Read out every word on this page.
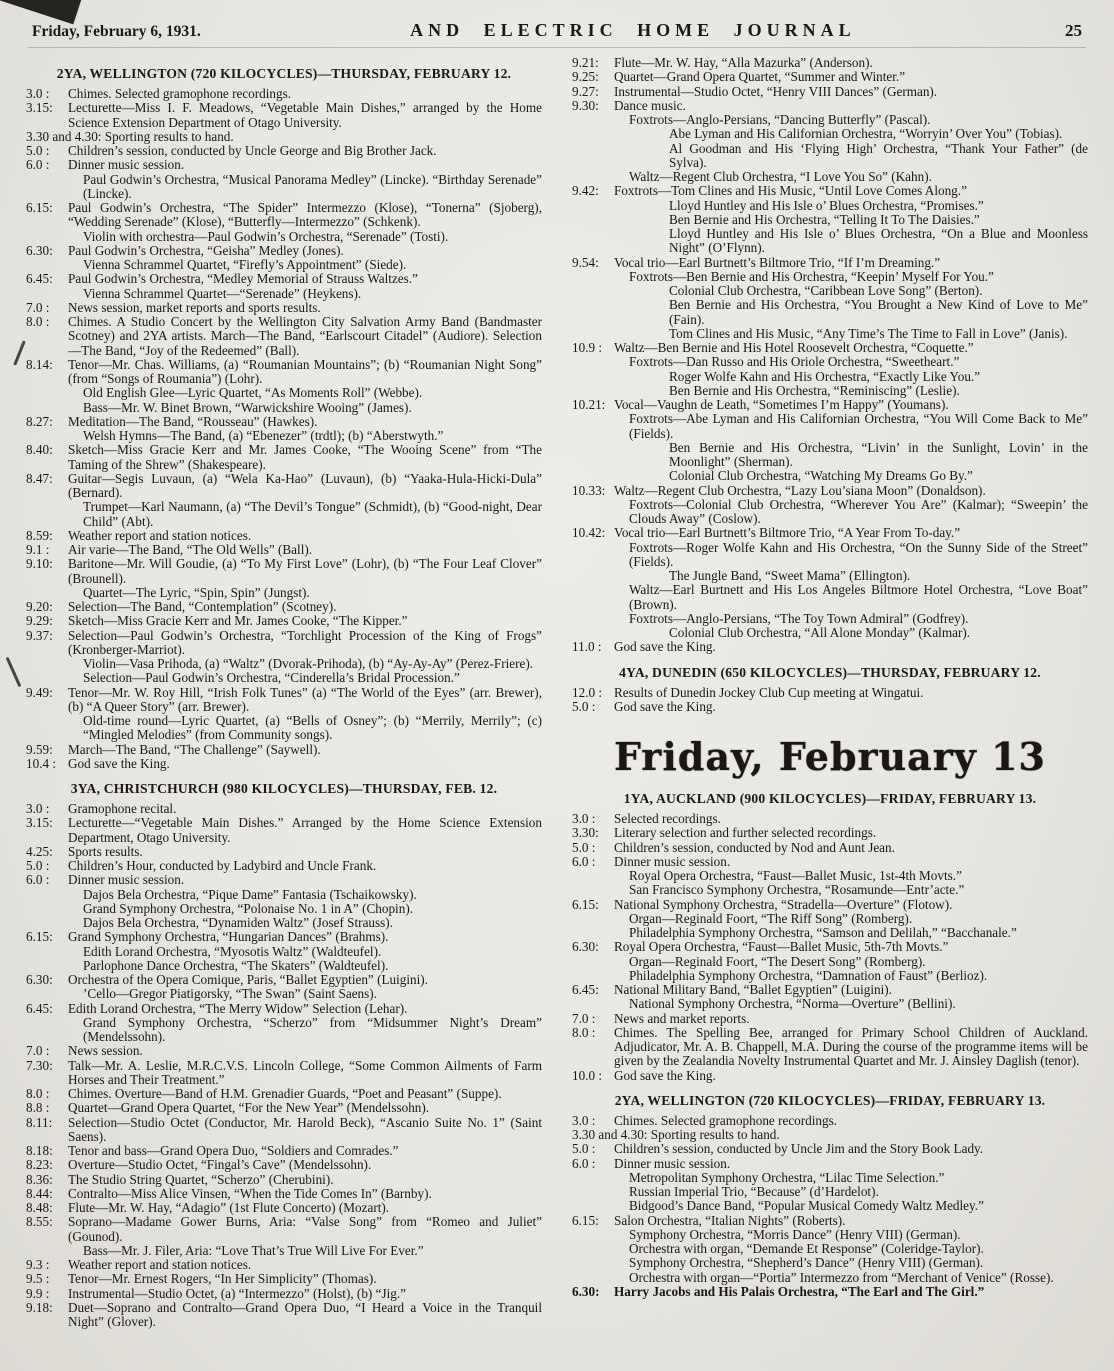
Friday, February 6, 1931.	AND ELECTRIC HOME JOURNAL	25
2YA, WELLINGTON (720 KILOCYCLES)—THURSDAY, FEBRUARY 12.
3.0 : Chimes. Selected gramophone recordings.
3.15: Lecturette—Miss I. F. Meadows, “Vegetable Main Dishes,” arranged by the Home Science Extension Department of Otago University.
3.30 and 4.30: Sporting results to hand.
5.0 : Children’s session, conducted by Uncle George and Big Brother Jack.
6.0 : Dinner music session.
Paul Godwin’s Orchestra, “Musical Panorama Medley” (Lincke). “Birthday Serenade” (Lincke).
6.15: Paul Godwin’s Orchestra, “The Spider” Intermezzo (Klose), “Tonerna” (Sjoberg), “Wedding Serenade” (Klose), “Butterfly—Intermezzo” (Schkenk).
Violin with orchestra—Paul Godwin’s Orchestra, “Serenade” (Tosti).
6.30: Paul Godwin’s Orchestra, “Geisha” Medley (Jones).
Vienna Schrammel Quartet, “Firefly’s Appointment” (Siede).
6.45: Paul Godwin’s Orchestra, “Medley Memorial of Strauss Waltzes.”
Vienna Schrammel Quartet—“Serenade” (Heykens).
7.0 : News session, market reports and sports results.
8.0 : Chimes. A Studio Concert by the Wellington City Salvation Army Band (Bandmaster Scotney) and 2YA artists. March—The Band, “Earlscourt Citadel” (Audiore). Selection—The Band, “Joy of the Redeemed” (Ball).
8.14: Tenor—Mr. Chas. Williams, (a) “Roumanian Mountains”; (b) “Roumanian Night Song” (from “Songs of Roumania”) (Lohr).
Old English Glee—Lyric Quartet, “As Moments Roll” (Webbe).
Bass—Mr. W. Binet Brown, “Warwickshire Wooing” (James).
8.27: Meditation—The Band, “Rousseau” (Hawkes).
Welsh Hymns—The Band, (a) “Ebenezer” (trdtl); (b) “Aberstwyth.”
8.40: Sketch—Miss Gracie Kerr and Mr. James Cooke, “The Wooing Scene” from “The Taming of the Shrew” (Shakespeare).
8.47: Guitar—Segis Luvaun, (a) “Wela Ka-Hao” (Luvaun), (b) “Yaaka-Hula-Hicki-Dula” (Bernard).
Trumpet—Karl Naumann, (a) “The Devil’s Tongue” (Schmidt), (b) “Good-night, Dear Child” (Abt).
8.59: Weather report and station notices.
9.1 : Air varie—The Band, “The Old Wells” (Ball).
9.10: Baritone—Mr. Will Goudie, (a) “To My First Love” (Lohr), (b) “The Four Leaf Clover” (Brounell).
Quartet—The Lyric, “Spin, Spin” (Jungst).
9.20: Selection—The Band, “Contemplation” (Scotney).
9.29: Sketch—Miss Gracie Kerr and Mr. James Cooke, “The Kipper.”
9.37: Selection—Paul Godwin’s Orchestra, “Torchlight Procession of the King of Frogs” (Kronberger-Marriot).
Violin—Vasa Prihoda, (a) “Waltz” (Dvorak-Prihoda), (b) “Ay-Ay-Ay” (Perez-Friere).
Selection—Paul Godwin’s Orchestra, “Cinderella’s Bridal Procession.”
9.49: Tenor—Mr. W. Roy Hill, “Irish Folk Tunes” (a) “The World of the Eyes” (arr. Brewer), (b) “A Queer Story” (arr. Brewer).
Old-time round—Lyric Quartet, (a) “Bells of Osney”; (b) “Merrily, Merrily”; (c) “Mingled Melodies” (from Community songs).
9.59: March—The Band, “The Challenge” (Saywell).
10.4 : God save the King.
3YA, CHRISTCHURCH (980 KILOCYCLES)—THURSDAY, FEB. 12.
3.0 : Gramophone recital.
3.15: Lecturette—“Vegetable Main Dishes.” Arranged by the Home Science Extension Department, Otago University.
4.25: Sports results.
5.0 : Children’s Hour, conducted by Ladybird and Uncle Frank.
6.0 : Dinner music session.
Dajos Bela Orchestra, “Pique Dame” Fantasia (Tschaikowsky).
Grand Symphony Orchestra, “Polonaise No. 1 in A” (Chopin).
Dajos Bela Orchestra, “Dynamiden Waltz” (Josef Strauss).
6.15: Grand Symphony Orchestra, “Hungarian Dances” (Brahms).
Edith Lorand Orchestra, “Myosotis Waltz” (Waldteufel).
Parlophone Dance Orchestra, “The Skaters” (Waldteufel).
6.30: Orchestra of the Opera Comique, Paris, “Ballet Egyptien” (Luigini).
’Cello—Gregor Piatigorsky, “The Swan” (Saint Saens).
6.45: Edith Lorand Orchestra, “The Merry Widow” Selection (Lehar).
Grand Symphony Orchestra, “Scherzo” from “Midsummer Night’s Dream” (Mendelssohn).
7.0 : News session.
7.30: Talk—Mr. A. Leslie, M.R.C.V.S. Lincoln College, “Some Common Ailments of Farm Horses and Their Treatment.”
8.0 : Chimes. Overture—Band of H.M. Grenadier Guards, “Poet and Peasant” (Suppe).
8.8 : Quartet—Grand Opera Quartet, “For the New Year” (Mendelssohn).
8.11: Selection—Studio Octet (Conductor, Mr. Harold Beck), “Ascanio Suite No. 1” (Saint Saens).
8.18: Tenor and bass—Grand Opera Duo, “Soldiers and Comrades.”
8.23: Overture—Studio Octet, “Fingal’s Cave” (Mendelssohn).
8.36: The Studio String Quartet, “Scherzo” (Cherubini).
8.44: Contralto—Miss Alice Vinsen, “When the Tide Comes In” (Barnby).
8.48: Flute—Mr. W. Hay, “Adagio” (1st Flute Concerto) (Mozart).
8.55: Soprano—Madame Gower Burns, Aria: “Valse Song” from “Romeo and Juliet” (Gounod).
Bass—Mr. J. Filer, Aria: “Love That’s True Will Live For Ever.”
9.3 : Weather report and station notices.
9.5 : Tenor—Mr. Ernest Rogers, “In Her Simplicity” (Thomas).
9.9 : Instrumental—Studio Octet, (a) “Intermezzo” (Holst), (b) “Jig.”
9.18: Duet—Soprano and Contralto—Grand Opera Duo, “I Heard a Voice in the Tranquil Night” (Glover).
9.21: Flute—Mr. W. Hay, “Alla Mazurka” (Anderson).
9.25: Quartet—Grand Opera Quartet, “Summer and Winter.”
9.27: Instrumental—Studio Octet, “Henry VIII Dances” (German).
9.30: Dance music.
Foxtrots—Anglo-Persians, “Dancing Butterfly” (Pascal).
Abe Lyman and His Californian Orchestra, “Worryin’ Over You” (Tobias).
Al Goodman and His ‘Flying High’ Orchestra, “Thank Your Father” (de Sylva).
Waltz—Regent Club Orchestra, “I Love You So” (Kahn).
9.42: Foxtrots—Tom Clines and His Music, “Until Love Comes Along.”
Lloyd Huntley and His Isle o’ Blues Orchestra, “Promises.”
Ben Bernie and His Orchestra, “Telling It To The Daisies.”
Lloyd Huntley and His Isle o’ Blues Orchestra, “On a Blue and Moonless Night” (O’Flynn).
9.54: Vocal trio—Earl Burtnett’s Biltmore Trio, “If I’m Dreaming.”
Foxtrots—Ben Bernie and His Orchestra, “Keepin’ Myself For You.”
Colonial Club Orchestra, “Caribbean Love Song” (Berton).
Ben Bernie and His Orchestra, “You Brought a New Kind of Love to Me” (Fain).
Tom Clines and His Music, “Any Time’s The Time to Fall in Love” (Janis).
10.9 : Waltz—Ben Bernie and His Hotel Roosevelt Orchestra, “Coquette.”
Foxtrots—Dan Russo and His Oriole Orchestra, “Sweetheart.”
Roger Wolfe Kahn and His Orchestra, “Exactly Like You.”
Ben Bernie and His Orchestra, “Reminiscing” (Leslie).
10.21: Vocal—Vaughn de Leath, “Sometimes I’m Happy” (Youmans).
Foxtrots—Abe Lyman and His Californian Orchestra, “You Will Come Back to Me” (Fields).
Ben Bernie and His Orchestra, “Livin’ in the Sunlight, Lovin’ in the Moonlight” (Sherman).
Colonial Club Orchestra, “Watching My Dreams Go By.”
10.33: Waltz—Regent Club Orchestra, “Lazy Lou’siana Moon” (Donaldson).
Foxtrots—Colonial Club Orchestra, “Wherever You Are” (Kalmar); “Sweepin’ the Clouds Away” (Coslow).
10.42: Vocal trio—Earl Burtnett’s Biltmore Trio, “A Year From To-day.”
Foxtrots—Roger Wolfe Kahn and His Orchestra, “On the Sunny Side of the Street” (Fields).
The Jungle Band, “Sweet Mama” (Ellington).
Waltz—Earl Burtnett and His Los Angeles Biltmore Hotel Orchestra, “Love Boat” (Brown).
Foxtrots—Anglo-Persians, “The Toy Town Admiral” (Godfrey).
Colonial Club Orchestra, “All Alone Monday” (Kalmar).
11.0 : God save the King.
4YA, DUNEDIN (650 KILOCYCLES)—THURSDAY, FEBRUARY 12.
12.0 : Results of Dunedin Jockey Club Cup meeting at Wingatui.
5.0 : God save the King.
Friday, February 13
1YA, AUCKLAND (900 KILOCYCLES)—FRIDAY, FEBRUARY 13.
3.0 : Selected recordings.
3.30: Literary selection and further selected recordings.
5.0 : Children’s session, conducted by Nod and Aunt Jean.
6.0 : Dinner music session.
Royal Opera Orchestra, “Faust—Ballet Music, 1st-4th Movts.”
San Francisco Symphony Orchestra, “Rosamunde—Entr’acte.”
6.15: National Symphony Orchestra, “Stradella—Overture” (Flotow).
Organ—Reginald Foort, “The Riff Song” (Romberg).
Philadelphia Symphony Orchestra, “Samson and Delilah,” “Bacchanale.”
6.30: Royal Opera Orchestra, “Faust—Ballet Music, 5th-7th Movts.”
Organ—Reginald Foort, “The Desert Song” (Romberg).
Philadelphia Symphony Orchestra, “Damnation of Faust” (Berlioz).
6.45: National Military Band, “Ballet Egyptien” (Luigini).
National Symphony Orchestra, “Norma—Overture” (Bellini).
7.0 : News and market reports.
8.0 : Chimes. The Spelling Bee, arranged for Primary School Children of Auckland. Adjudicator, Mr. A. B. Chappell, M.A. During the course of the programme items will be given by the Zealandia Novelty Instrumental Quartet and Mr. J. Ainsley Daglish (tenor).
10.0 : God save the King.
2YA, WELLINGTON (720 KILOCYCLES)—FRIDAY, FEBRUARY 13.
3.0 : Chimes. Selected gramophone recordings.
3.30 and 4.30: Sporting results to hand.
5.0 : Children’s session, conducted by Uncle Jim and the Story Book Lady.
6.0 : Dinner music session.
Metropolitan Symphony Orchestra, “Lilac Time Selection.”
Russian Imperial Trio, “Because” (d’Hardelot).
Bidgood’s Dance Band, “Popular Musical Comedy Waltz Medley.”
6.15: Salon Orchestra, “Italian Nights” (Roberts).
Symphony Orchestra, “Morris Dance” (Henry VIII) (German).
Orchestra with organ, “Demande Et Response” (Coleridge-Taylor).
Symphony Orchestra, “Shepherd’s Dance” (Henry VIII) (German).
Orchestra with organ—“Portia” Intermezzo from “Merchant of Venice” (Rosse).
6.30: Harry Jacobs and His Palais Orchestra, “The Earl and The Girl.”
